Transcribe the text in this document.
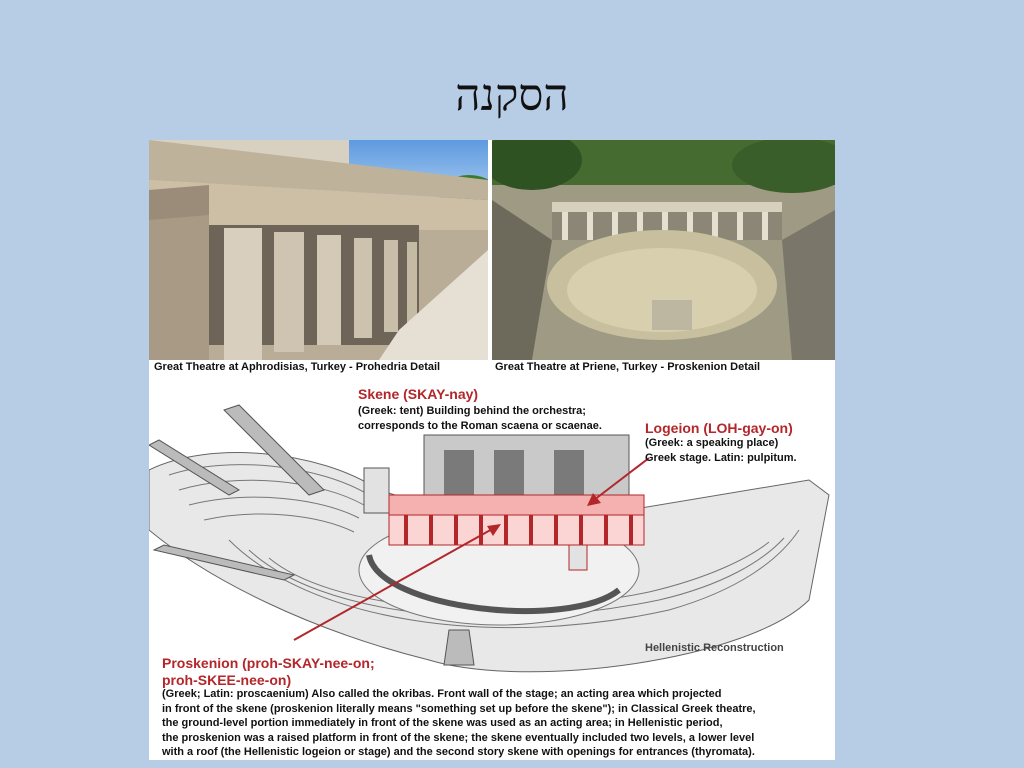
הסקנה
Great Theatre at Aphrodisias, Turkey - Prohedria Detail	Great Theatre at Priene, Turkey - Proskenion Detail
Skene (SKAY-nay)
(Greek: tent) Building behind the orchestra;
corresponds to the Roman scaena or scaenae.	Logeion (LOH-gay-on)
(Greek: a speaking place)
Greek stage. Latin: pulpitum.
Hellenistic Reconstruction
Proskenion (proh-SKAY-nee-on;
proh-SKEE-nee-on)
(Greek; Latin: proscaenium) Also called the okribas. Front wall of the stage; an acting area which projected
in front of the skene (proskenion literally means "something set up before the skene"); in Classical Greek theatre,
the ground-level portion immediately in front of the skene was used as an acting area; in Hellenistic period,
the proskenion was a raised platform in front of the skene; the skene eventually included two levels, a lower level
with a roof (the Hellenistic logeion or stage) and the second story skene with openings for entrances (thyromata).
